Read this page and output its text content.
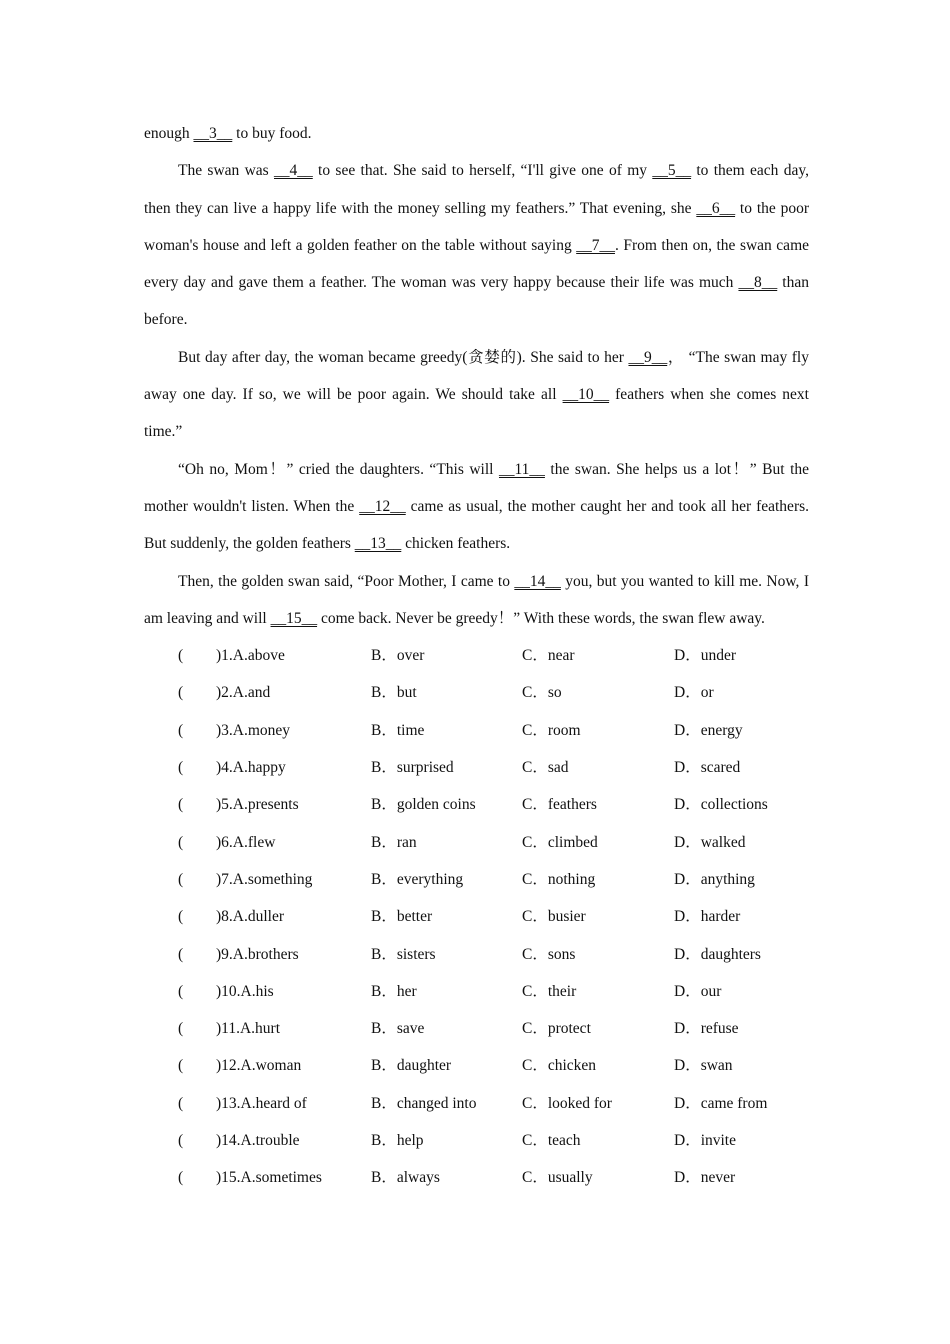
enough __3__ to buy food.

The swan was __4__ to see that. She said to herself, “I'll give one of my __5__ to them each day, then they can live a happy life with the money selling my feathers.” That evening, she __6__ to the poor woman's house and left a golden feather on the table without saying __7__. From then on, the swan came every day and gave them a feather. The woman was very happy because their life was much __8__ than before.

But day after day, the woman became greedy(贪婪的). She said to her __9__， “The swan may fly away one day. If so, we will be poor again. We should take all __10__ feathers when she comes next time.”

“Oh no, Mom！” cried the daughters. “This will __11__ the swan. She helps us a lot！” But the mother wouldn't listen. When the __12__ came as usual, the mother caught her and took all her feathers. But suddenly, the golden feathers __13__ chicken feathers.

Then, the golden swan said, “Poor Mother, I came to __14__ you, but you wanted to kill me. Now, I am leaving and will __15__ come back. Never be greedy！” With these words, the swan flew away.

( )1.A.above	B．over	C．near	D．under
( )2.A.and	B．but	C．so	D．or
( )3.A.money	B．time	C．room	D．energy
( )4.A.happy	B．surprised	C．sad	D．scared
( )5.A.presents	B．golden coins	C．feathers	D．collections
( )6.A.flew	B．ran	C．climbed	D．walked
( )7.A.something	B．everything	C．nothing	D．anything
( )8.A.duller	B．better	C．busier	D．harder
( )9.A.brothers	B．sisters	C．sons	D．daughters
( )10.A.his	B．her	C．their	D．our
( )11.A.hurt	B．save	C．protect	D．refuse
( )12.A.woman	B．daughter	C．chicken	D．swan
( )13.A.heard of	B．changed into	C．looked for	D．came from
( )14.A.trouble	B．help	C．teach	D．invite
( )15.A.sometimes	B．always	C．usually	D．never
